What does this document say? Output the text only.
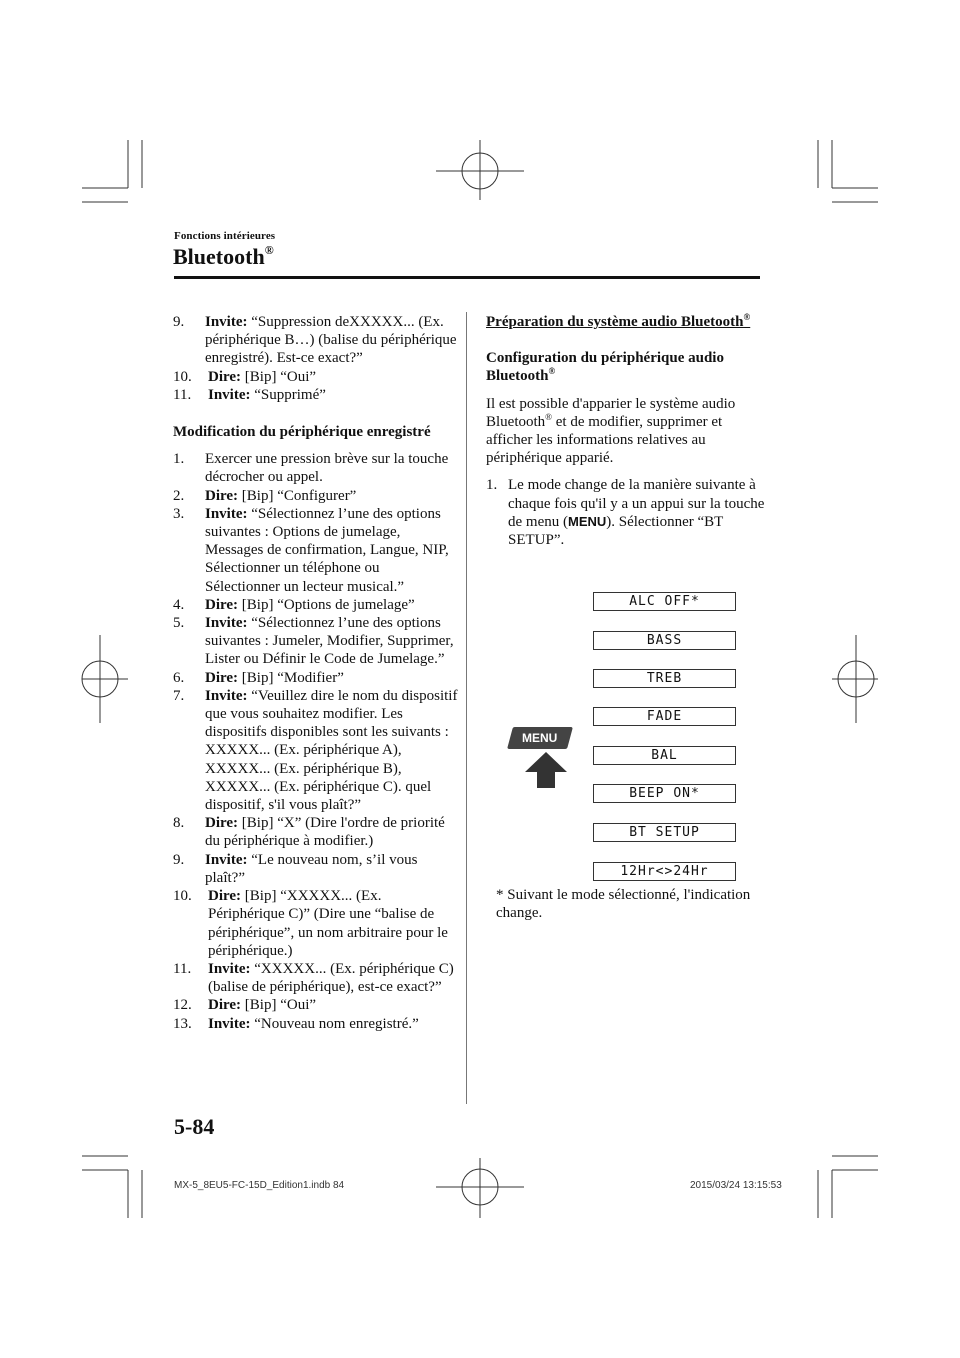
Fonctions intérieures
Bluetooth®
9.	Invite: “Suppression deXXXXX... (Ex. périphérique B…) (balise du périphérique enregistré). Est-ce exact?”
10.	Dire: [Bip] “Oui”
11.	Invite: “Supprimé”

Modification du périphérique enregistré

1.	Exercer une pression brève sur la touche décrocher ou appel.
2.	Dire: [Bip] “Configurer”
3.	Invite: “Sélectionnez l’une des options suivantes : Options de jumelage, Messages de confirmation, Langue, NIP, Sélectionner un téléphone ou Sélectionner un lecteur musical.”
4.	Dire: [Bip] “Options de jumelage”
5.	Invite: “Sélectionnez l’une des options suivantes : Jumeler, Modifier, Supprimer, Lister ou Définir le Code de Jumelage.”
6.	Dire: [Bip] “Modifier”
7.	Invite: “Veuillez dire le nom du dispositif que vous souhaitez modifier. Les dispositifs disponibles sont les suivants : XXXXX... (Ex. périphérique A), XXXXX... (Ex. périphérique B), XXXXX... (Ex. périphérique C). quel dispositif, s'il vous plaît?”
8.	Dire: [Bip] “X” (Dire l'ordre de priorité du périphérique à modifier.)
9.	Invite: “Le nouveau nom, s’il vous plaît?”
10.	Dire: [Bip] “XXXXX... (Ex. Périphérique C)” (Dire une “balise de périphérique”, un nom arbitraire pour le périphérique.)
11.	Invite: “XXXXX... (Ex. périphérique C) (balise de périphérique), est-ce exact?”
12.	Dire: [Bip] “Oui”
13.	Invite: “Nouveau nom enregistré.”
Préparation du système audio Bluetooth®
Configuration du périphérique audio Bluetooth®

Il est possible d'apparier le système audio Bluetooth® et de modifier, supprimer et afficher les informations relatives au périphérique apparié.

1. Le mode change de la manière suivante à chaque fois qu'il y a un appui sur la touche de menu (MENU). Sélectionner “BT SETUP”.
ALC OFF*
BASS
TREB
FADE
BAL
BEEP ON*
BT SETUP
12Hr<>24Hr
MENU
* Suivant le mode sélectionné, l'indication change.
5-84
MX-5_8EU5-FC-15D_Edition1.indb 84	2015/03/24 13:15:53
